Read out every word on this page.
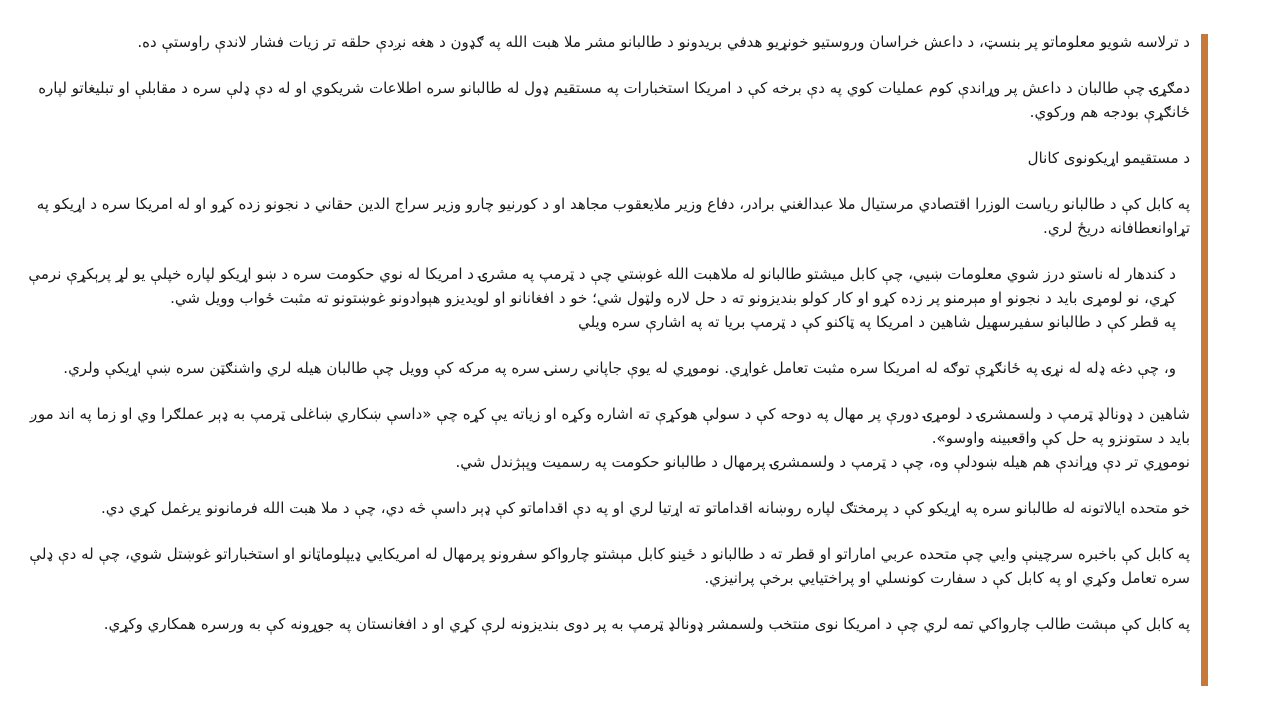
د ترلاسه شويو معلوماتو پر بنسټ، د داعش خراسان وروستيو خونړيو هدفي بريدونو د طالبانو مشر ملا هبت الله په ګډون د هغه نږدې حلقه تر زيات فشار لاندې راوستې ده.

دمګړۍ چې طالبان د داعش پر وړاندې کوم عمليات کوي په دې برخه کې د امريکا استخبارات په مستقيم ډول له طالبانو سره اطلاعات شريکوي او له دې ډلې سره د مقابلې او تبليغاتو لپاره ځانګړې بودجه هم ورکوي.

د مستقيمو اړيکونوی کانال

په کابل کې د طالبانو رياست الوزرا اقتصادي مرستيال ملا عبدالغني برادر، دفاع وزير ملايعقوب مجاهد او د کورنيو چارو وزير سراج الدين حقاني د نجونو زده کړو او له امريکا سره د اړيکو په تړاوانعطافانه دريځ لري.

د کندهار له ناستو درز شوي معلومات ښيي، چې کابل ميشتو طالبانو له ملاهبت الله غوښتي چې د ټرمپ په مشرۍ د امريکا له نوي حکومت سره د ښو اړيکو لپاره خپلې يو لړ پرېکړې نرمې کړي، نو لومړی بايد د نجونو او مېرمنو پر زده کړو او کار کولو بنديزونو ته د حل لاره ولټول شي؛ خو د افغانانو او لويديزو هېوادونو غوښتونو ته مثبت ځواب وويل شي.
په قطر کې د طالبانو سفيرسهيل شاهين د امريکا په ټاکنو کې د ټرمپ بريا ته په اشارې سره ويلي

و، چې دغه ډله له نړۍ په ځانګړې توګه له امريکا سره مثبت تعامل غواړي. نوموړي له يوې جاپاني رسنۍ سره په مرکه کې وويل چې طالبان هيله لري واشنګټن سره ښې اړيکې ولري.

شاهين د ډونالډ ټرمپ د ولسمشرۍ د لومړۍ دورې پر مهال په دوحه کې د سولې هوکړې ته اشاره وکړه او زياته يې کړه چې «داسې ښکاري ښاغلی ټرمپ به ډېر عملګرا وي او زما په اند موږ بايد د ستونزو په حل کې واقعبينه واوسو».

نوموړي تر دې وړاندې هم هيله ښودلې وه، چې د ټرمپ د ولسمشرۍ پرمهال د طالبانو حکومت په رسميت وپېژندل شي.

خو متحده ايالاتونه له طالبانو سره په اړيکو کې د پرمختګ لپاره روښانه اقداماتو ته اړتيا لري او په دې اقداماتو کې ډېر داسې څه دي، چې د ملا هبت الله فرمانونو يرغمل کړي دي.

په کابل کې باخبره سرچينې وايي چې متحده عربي اماراتو او قطر ته د طالبانو د ځينو کابل مېشتو چارواکو سفرونو پرمهال له امريکايي ډيپلوماټانو او استخباراتو غوښتل شوي، چې له دې ډلې سره تعامل وکړي او په کابل کې د سفارت کونسلي او پراختيايي برخې پرانيزي.

په کابل کې مېشت طالب چارواکي تمه لري چې د امريکا نوی منتخب ولسمشر ډونالډ ټرمپ به پر دوی بنديزونه لرې کړي او د افغانستان په جوړونه کې به ورسره همکاري وکړي.
